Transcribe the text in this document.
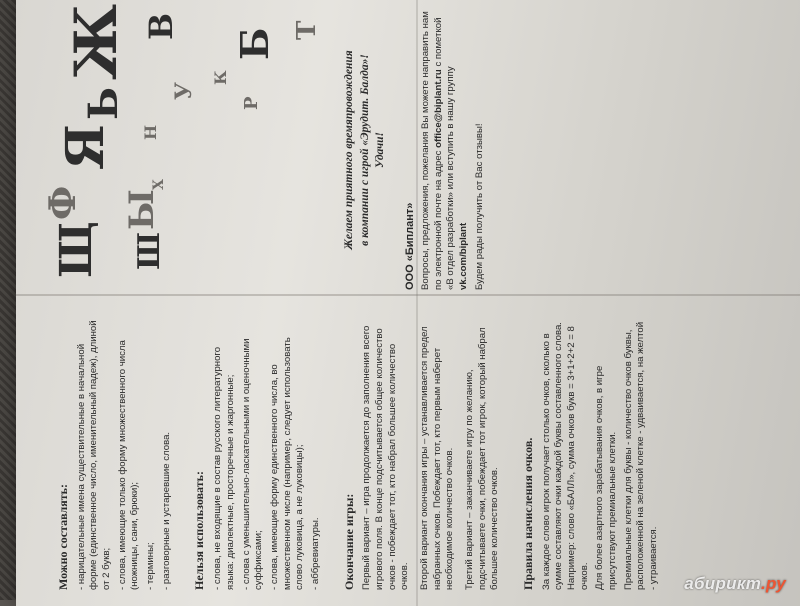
Можно составлять: - нарицательные имена существительные в начальной форме (единственное число, именительный падеж), длиной от 2 букв; - слова, имеющие только форму множественного числа (ножницы, сани, брюки); - термины; - разговорные и устаревшие слова. Нельзя использовать: - слова, не входящие в состав русского литературного языка: диалектные, просторечные и жаргонные; - слова с уменьшительно-ласкательными и оценочными суффиксами; - слова, имеющие форму единственного числа, во множественном числе (например, следует использовать слово луковица, а не луковицы); - аббревиатуры. Окончание игры: Первый вариант – игра продолжается до заполнения всего игрового поля. В конце подсчитывается общее количество очков - побеждает тот, кто набрал большее количество очков. Второй вариант окончания игры – устанавливается предел набранных очков. Побеждает тот, кто первым наберет необходимое количество очков. Третий вариант – заканчиваете игру по желанию, подсчитываете очки, побеждает тот игрок, который набрал большее количество очков. Правила начисления очков. За каждое слово игрок получает столько очков, сколько в сумме составляют очки каждой буквы составленного слова. Например: слово «БАЛЛ», сумма очков букв = 3+1+2+2 = 8 очков. Для более азартного зарабатывания очков, в игре присутствуют премиальные клетки. Премиальные клетки для буквы - количество очков буквы, расположенной на зеленой клетке - удваивается, на желтой - утраивается.
Щ
Ф
Я
Ь
Ж
Ы
В
Б Т
У
Р
Ш
Н
Х
К	Желаем приятного времяпровождения в компании с игрой «Эрудит. Балда»! Удачи!
ООО «Биплант» Вопросы, предложения, пожелания Вы можете направить нам по электронной почте на адрес office@biplant.ru с пометкой «В отдел разработки» или вступить в нашу группу vk.com/biplant Будем рады получить от Вас отзывы!
абирикт.ру
